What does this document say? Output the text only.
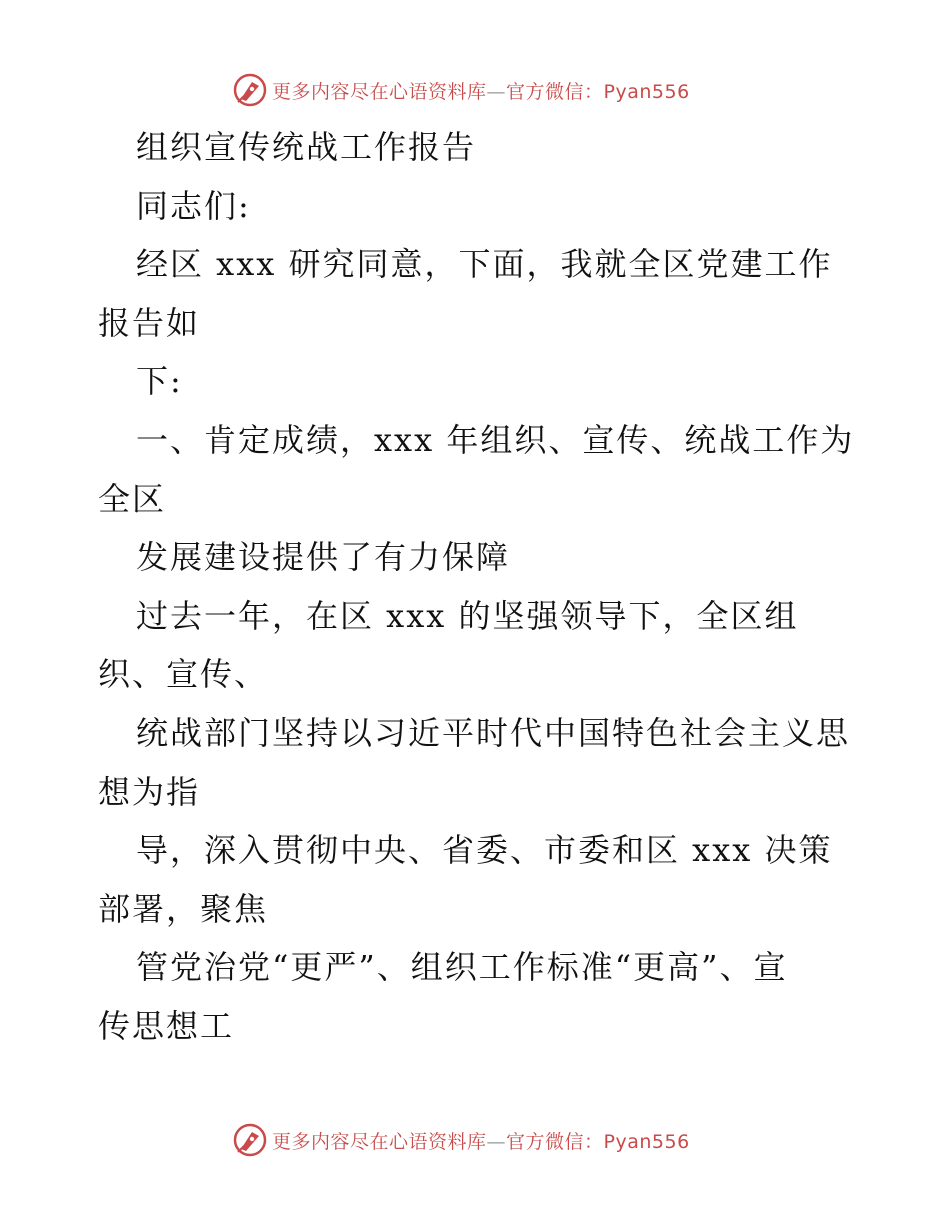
更多内容尽在心语资料库—官方微信：Pyan556
组织宣传统战工作报告
同志们:
经区 xxx 研究同意，下面，我就全区党建工作
报告如
下:
一、肯定成绩，xxx 年组织、宣传、统战工作为
全区
发展建设提供了有力保障
过去一年，在区 xxx 的坚强领导下，全区组
织、宣传、
统战部门坚持以习近平时代中国特色社会主义思
想为指
导，深入贯彻中央、省委、市委和区 xxx 决策
部署，聚焦
管党治党“更严”、组织工作标准“更高”、宣
传思想工
更多内容尽在心语资料库—官方微信：Pyan556
